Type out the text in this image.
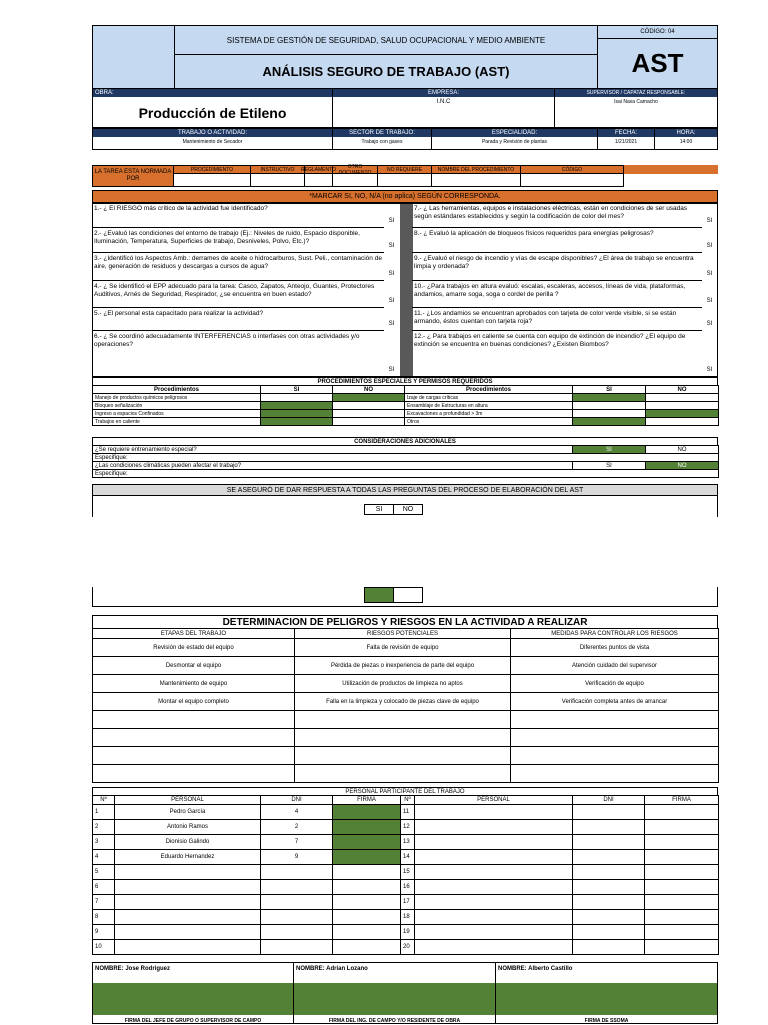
SISTEMA DE GESTIÓN DE SEGURIDAD, SALUD OCUPACIONAL Y MEDIO AMBIENTE
ANÁLISIS SEGURO DE TRABAJO (AST)
CÓDIGO: 04
AST
OBRA:
Producción de Etileno
EMPRESA:
I.N.C
SUPERVISOR / CAPATAZ RESPONSABLE:
Isai Nava Camacho
TRABAJO O ACTIVIDAD:
Mantenimiento de Secador
SECTOR DE TRABAJO:
Trabajo con gases
ESPECIALIDAD:
Parada y Revisión de plantas
FECHA:
1/21/2021
HORA:
14:00
LA TAREA ESTA NORMADA POR
PROCEDIMIENTO	INSTRUCTIVO	REGLAMENTO	OTRO DOCUMENTO	NO REQUIERE	NOMBRE DEL PROCEDIMIENTO	CÓDIGO
*MARCAR SI, NO, N/A (no aplica) SEGÚN CORRESPONDA.
1.- ¿ El RIESGO más crítico de la actividad fue identificado?
SI
2.- ¿Evaluó las condiciones del entorno de trabajo (Ej.: Niveles de ruido, Espacio disponible, Iluminación, Temperatura, Superficies de trabajo, Desniveles, Polvo, Etc.)?
SI
3.- ¿Identificó los Aspectos Amb.: derrames de aceite o hidrocarburos, Sust. Peli., contaminación de aire, generación de residuos y descargas a cursos de agua?
SI
4.- ¿ Se identificó el EPP adecuado para la tarea: Casco, Zapatos, Anteojo, Guantes, Protectores Auditivos, Arnés de Seguridad, Respirador, ¿se encuentra en buen estado?
SI
5.- ¿El personal esta capacitado para realizar la actividad?
SI
6.- ¿ Se coordinó adecuadamente INTERFERENCIAS o interfases con otras actividades y/o operaciones?
SI
7.- ¿ Las herramientas, equipos e instalaciones eléctricas, están en condiciones de ser usadas según estándares establecidos y según la codificación de color del mes?
SI
8.- ¿ Evaluó la aplicación de bloqueos físicos requeridos para energías peligrosas?
SI
9.- ¿Evaluó el riesgo de incendio y vías de escape disponibles? ¿El área de trabajo se encuentra limpia y ordenada?
SI
10.- ¿Para trabajos en altura evaluó: escalas, escaleras, accesos, líneas de vida, plataformas, andamios, amarre soga, soga o cordel de perilla ?
SI
11.- ¿Los andamios se encuentran aprobados con tarjeta de color verde visible, si se están armando, éstos cuentan con tarjeta roja?	SI
12.- ¿ Para trabajos en caliente se cuenta con equipo de extinción de incendio? ¿El equipo de extinción se encuentra en buenas condiciones? ¿Existen Biombos?
SI
PROCEDIMIENTOS ESPECIALES Y PERMISOS REQUERIDOS
Procedimientos	SI	NO	Procedimientos	SI	NO
Manejo de productos químicos peligrosos			Izaje de cargas críticas		
Bloqueo señalización			Ensamblaje de Estructuras en altura		
Ingreso a espacios Confinados			Excavaciones a profundidad > 3m		
Trabajos en caliente			Otros		
CONSIDERACIONES ADICIONALES
¿Se requiere entrenamiento especial?	SI	NO
Especifique:		
¿Las condiciones climáticas pueden afectar el trabajo?	SI	NO
Especifique:		
SE ASEGURÓ DE DAR RESPUESTA A TODAS LAS PREGUNTAS DEL PROCESO DE ELABORACIÓN DEL AST
SI	NO
DETERMINACION DE PELIGROS Y RIESGOS EN LA ACTIVIDAD A REALIZAR
ETAPAS DEL TRABAJO	RIESGOS POTENCIALES	MEDIDAS PARA CONTROLAR LOS RIESGOS
Revisión de estado del equipo	Falta de revisión de equipo	Diferentes puntos de vista
Desmontar el equipo	Pérdida de piezas o inexperiencia de parte del equipo	Atención cuidado del supervisor
Mantenimiento de equipo	Utilización de productos de limpieza no aptos	Verificación de equipo
Montar el equipo completo	Falla en la limpieza y colocado de piezas clave de equipo	Verificación completa antes de arrancar

PERSONAL PARTICIPANTE DEL TRABAJO
Nº	PERSONAL	DNI	FIRMA	Nº	PERSONAL	DNI	FIRMA
1	Pedro García	4		11			
2	Antonio Ramos	2		12			
3	Dionisio Galindo	7		13			
4	Eduardo Hernandez	9		14			
5				15			
6				16			
7				17			
8				18			
9				19			
10				20			
NOMBRE: Jose Rodriguez
FIRMA DEL JEFE DE GRUPO O SUPERVISOR DE CAMPO
NOMBRE: Adrian Lozano
FIRMA DEL ING. DE CAMPO Y/O RESIDENTE DE OBRA
NOMBRE: Alberto Castillo
FIRMA DE SSOMA
